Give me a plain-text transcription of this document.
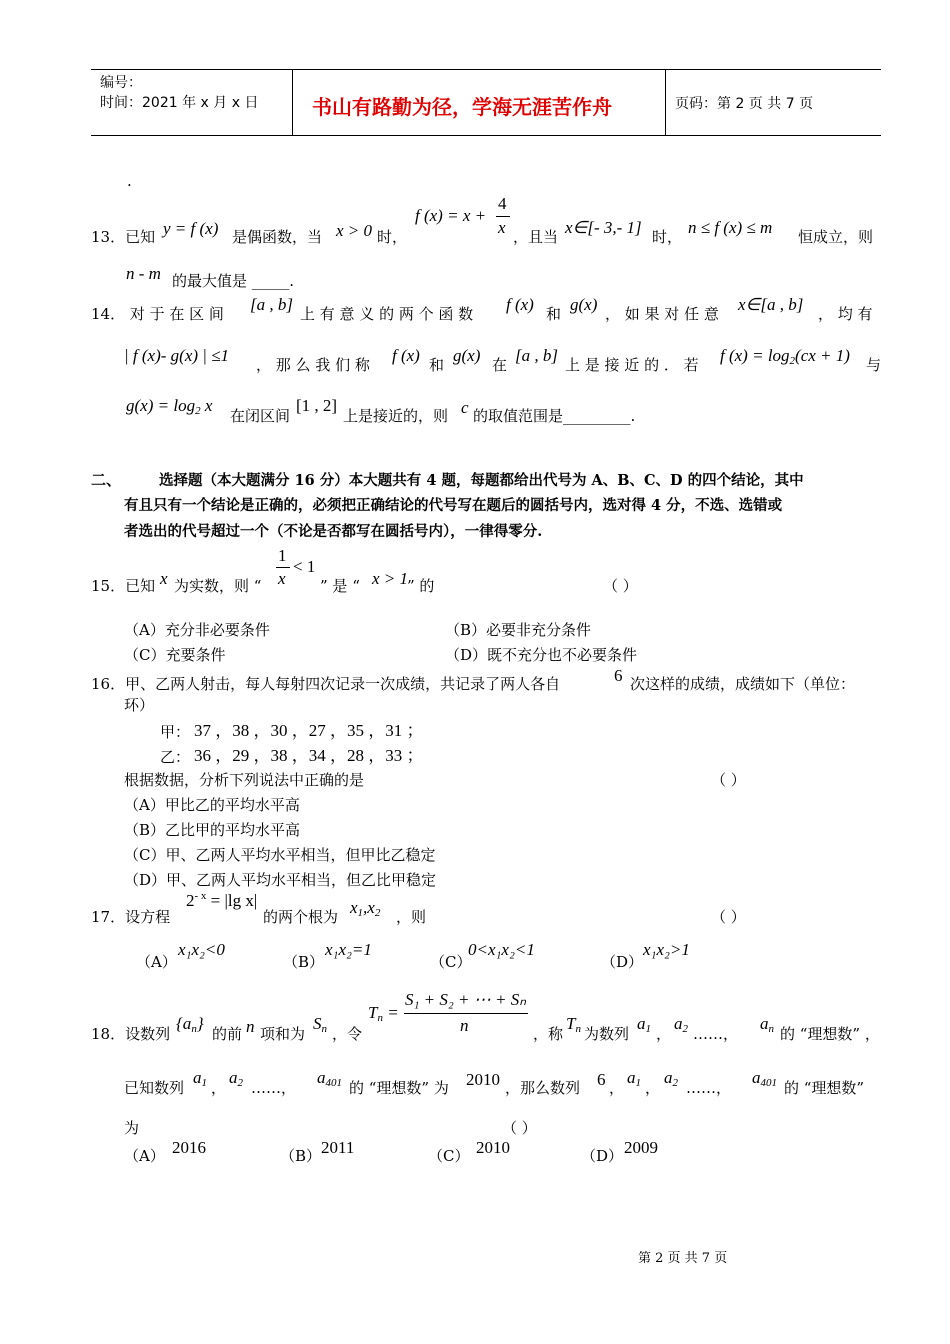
编号：
时间：2021 年 x 月 x 日	书山有路勤为径，学海无涯苦作舟	页码：第 2 页 共 7 页
.
13．已知 y = f (x) 是偶函数，当 x > 0 时，
f (x) = x +
4
x ，且当 x∈[- 3,- 1] 时， n ≤ f (x) ≤ m 恒成立，则
n - m 的最大值是 _____.
14． 对 于 在 区 间 [a , b] 上 有 意 义 的 两 个 函 数 f (x) 和 g(x) ， 如 果 对 任 意 x∈[a , b] ， 均 有
| f (x)- g(x) | ≤1 ， 那 么 我 们 称 f (x) 和 g(x) 在 [a , b] 上 是 接 近 的 ． 若 f $(x) = \log_2(cx + 1)$ 与
$g(x) = \log_2 x$
在闭区间
[1 , 2]
上是接近的，则 c 的取值范围是_________.
二、	选择题（本大题满分 16 分）本大题共有 4 题，每题都给出代号为 A、B、C、D 的四个结论，其中
有且只有一个结论是正确的，必须把正确结论的代号写在题后的圆括号内，选对得 4 分，不选、选错或
者选出的代号超过一个（不论是否都写在圆括号内），一律得零分.
15．已知 x 为实数，则 “
1
x
< 1
” 是 “ x > 1
” 的	（ ）
（A）充分非必要条件	（B）必要非充分条件
（C）充要条件	（D）既不充分也不必要条件
16．甲、乙两人射击，每人每射四次记录一次成绩，共记录了两人各自	6 次这样的成绩，成绩如下（单位：
环）
甲： 37 ，38 ，30 ，27 ，35 ，31 ；
乙： 36 ，29 ，38 ，34 ，28 ，33 ；
根据数据，分析下列说法中正确的是	（ ）
（A）甲比乙的平均水平高
（B）乙比甲的平均水平高
（C）甲、乙两人平均水平相当，但甲比乙稳定
（D）甲、乙两人平均水平相当，但乙比甲稳定
17．设方程
$2^{- x} = |\lg$ x|
的两个根为 $x_1,x_2$ ，则	（ ）
（A）
x₁x₂<0
（B）
x₁x₂=1
（C）
0<x₁x₂<1
（D）
x₁x₂>1
18．设数列
$\{a_n\}$
的前 n 项和为
$S_n$ ，令
$T_n$ =
S₁ + S₂ + ⋯ + Sₙ
n	，称
$T_n$ 为数列
$a_1$ ，
$a_2$ ……，
$a_n$ 的 “理想数” ，
已知数列
$a_1$ ，
$a_2$ ……，
$a_{401}$ 的 “理想数” 为 2010 ，那么数列 6 ，
$a_1$ ，
$a_2$ ……，
$a_{401}$ 的 “理想数”
为	（ ）
（A） 2016	（B） 2011	（C） 2010	（D） 2009
第 2 页 共 7 页
